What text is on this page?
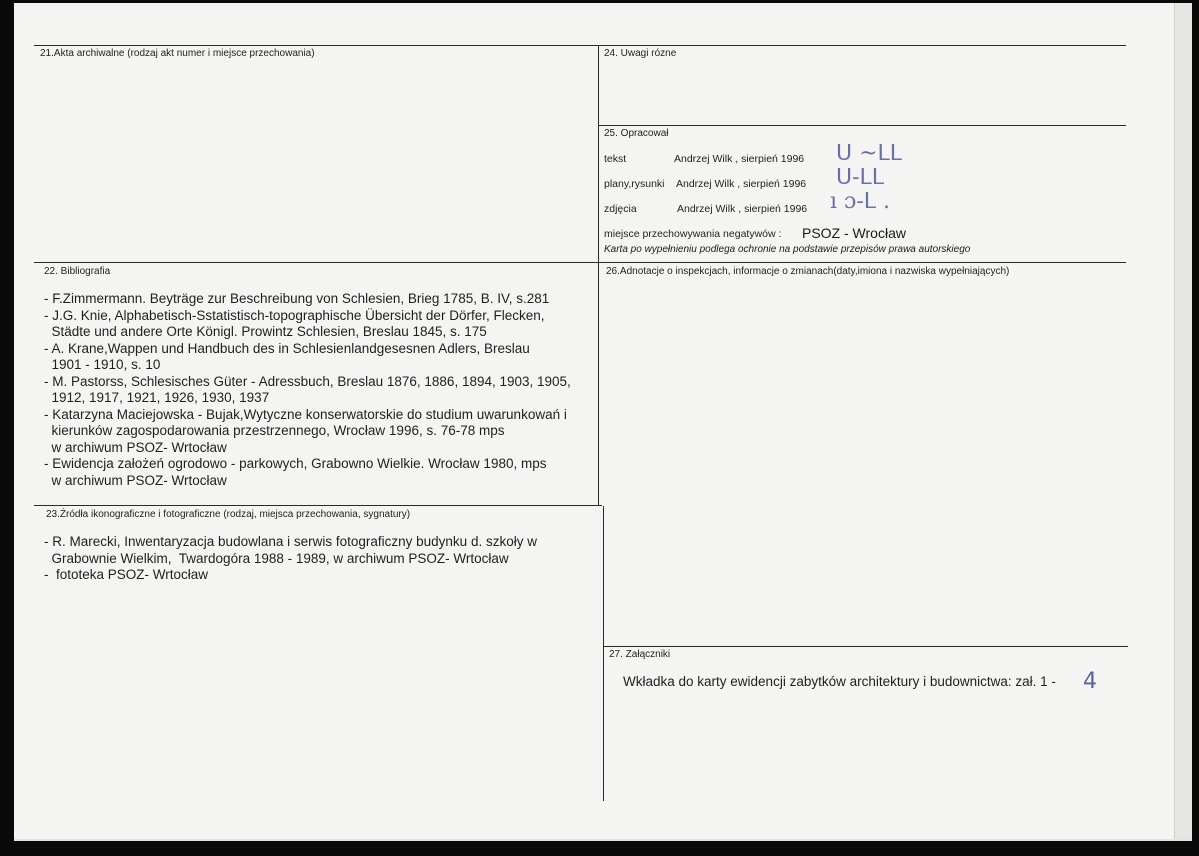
21.Akta archiwalne (rodzaj akt numer i miejsce przechowania)	24. Uwagi rózne
25. Opracował
tekst	Andrzej Wilk , sierpień 1996 ᑌ ~ᒪᒪ
plany,rysunki Andrzej Wilk , sierpień 1996 ᑌ-ᒪᒪ
zdjęcia	Andrzej Wilk , sierpień 1996 ı ɔ-ᒪ .
miejsce przechowywania negatywów : PSOZ - Wrocław
Karta po wypełnieniu podlega ochronie na podstawie przepisów prawa autorskiego
22. Bibliografia
- F.Zimmermann. Beyträge zur Beschreibung von Schlesien, Brieg 1785, B. IV, s.281
- J.G. Knie, Alphabetisch-Sstatistisch-topographische Übersicht der Dörfer, Flecken,
Städte und andere Orte Königl. Prowintz Schlesien, Breslau 1845, s. 175
- A. Krane,Wappen und Handbuch des in Schlesienlandgesesnen Adlers, Breslau
1901 - 1910, s. 10
- M. Pastorss, Schlesisches Güter - Adressbuch, Breslau 1876, 1886, 1894, 1903, 1905,
1912, 1917, 1921, 1926, 1930, 1937
- Katarzyna Maciejowska - Bujak,Wytyczne konserwatorskie do studium uwarunkowań i
kierunków zagospodarowania przestrzennego, Wrocław 1996, s. 76-78 mps
w archiwum PSOZ- Wrtocław
- Ewidencja założeń ogrodowo - parkowych, Grabowno Wielkie. Wrocław 1980, mps
w archiwum PSOZ- Wrtocław
26.Adnotacje o inspekcjach, informacje o zmianach(daty,imiona i nazwiska wypełniających)
23.Źródła ikonograficzne i fotograficzne (rodzaj, miejsca przechowania, sygnatury)
- R. Marecki, Inwentaryzacja budowlana i serwis fotograficzny budynku d. szkoły w
Grabownie Wielkim,  Twardogóra 1988 - 1989, w archiwum PSOZ- Wrtocław
-  fototeka PSOZ- Wrtocław
27. Załączniki
Wkładka do karty ewidencji zabytków architektury i budownictwa: zał. 1 - 4
